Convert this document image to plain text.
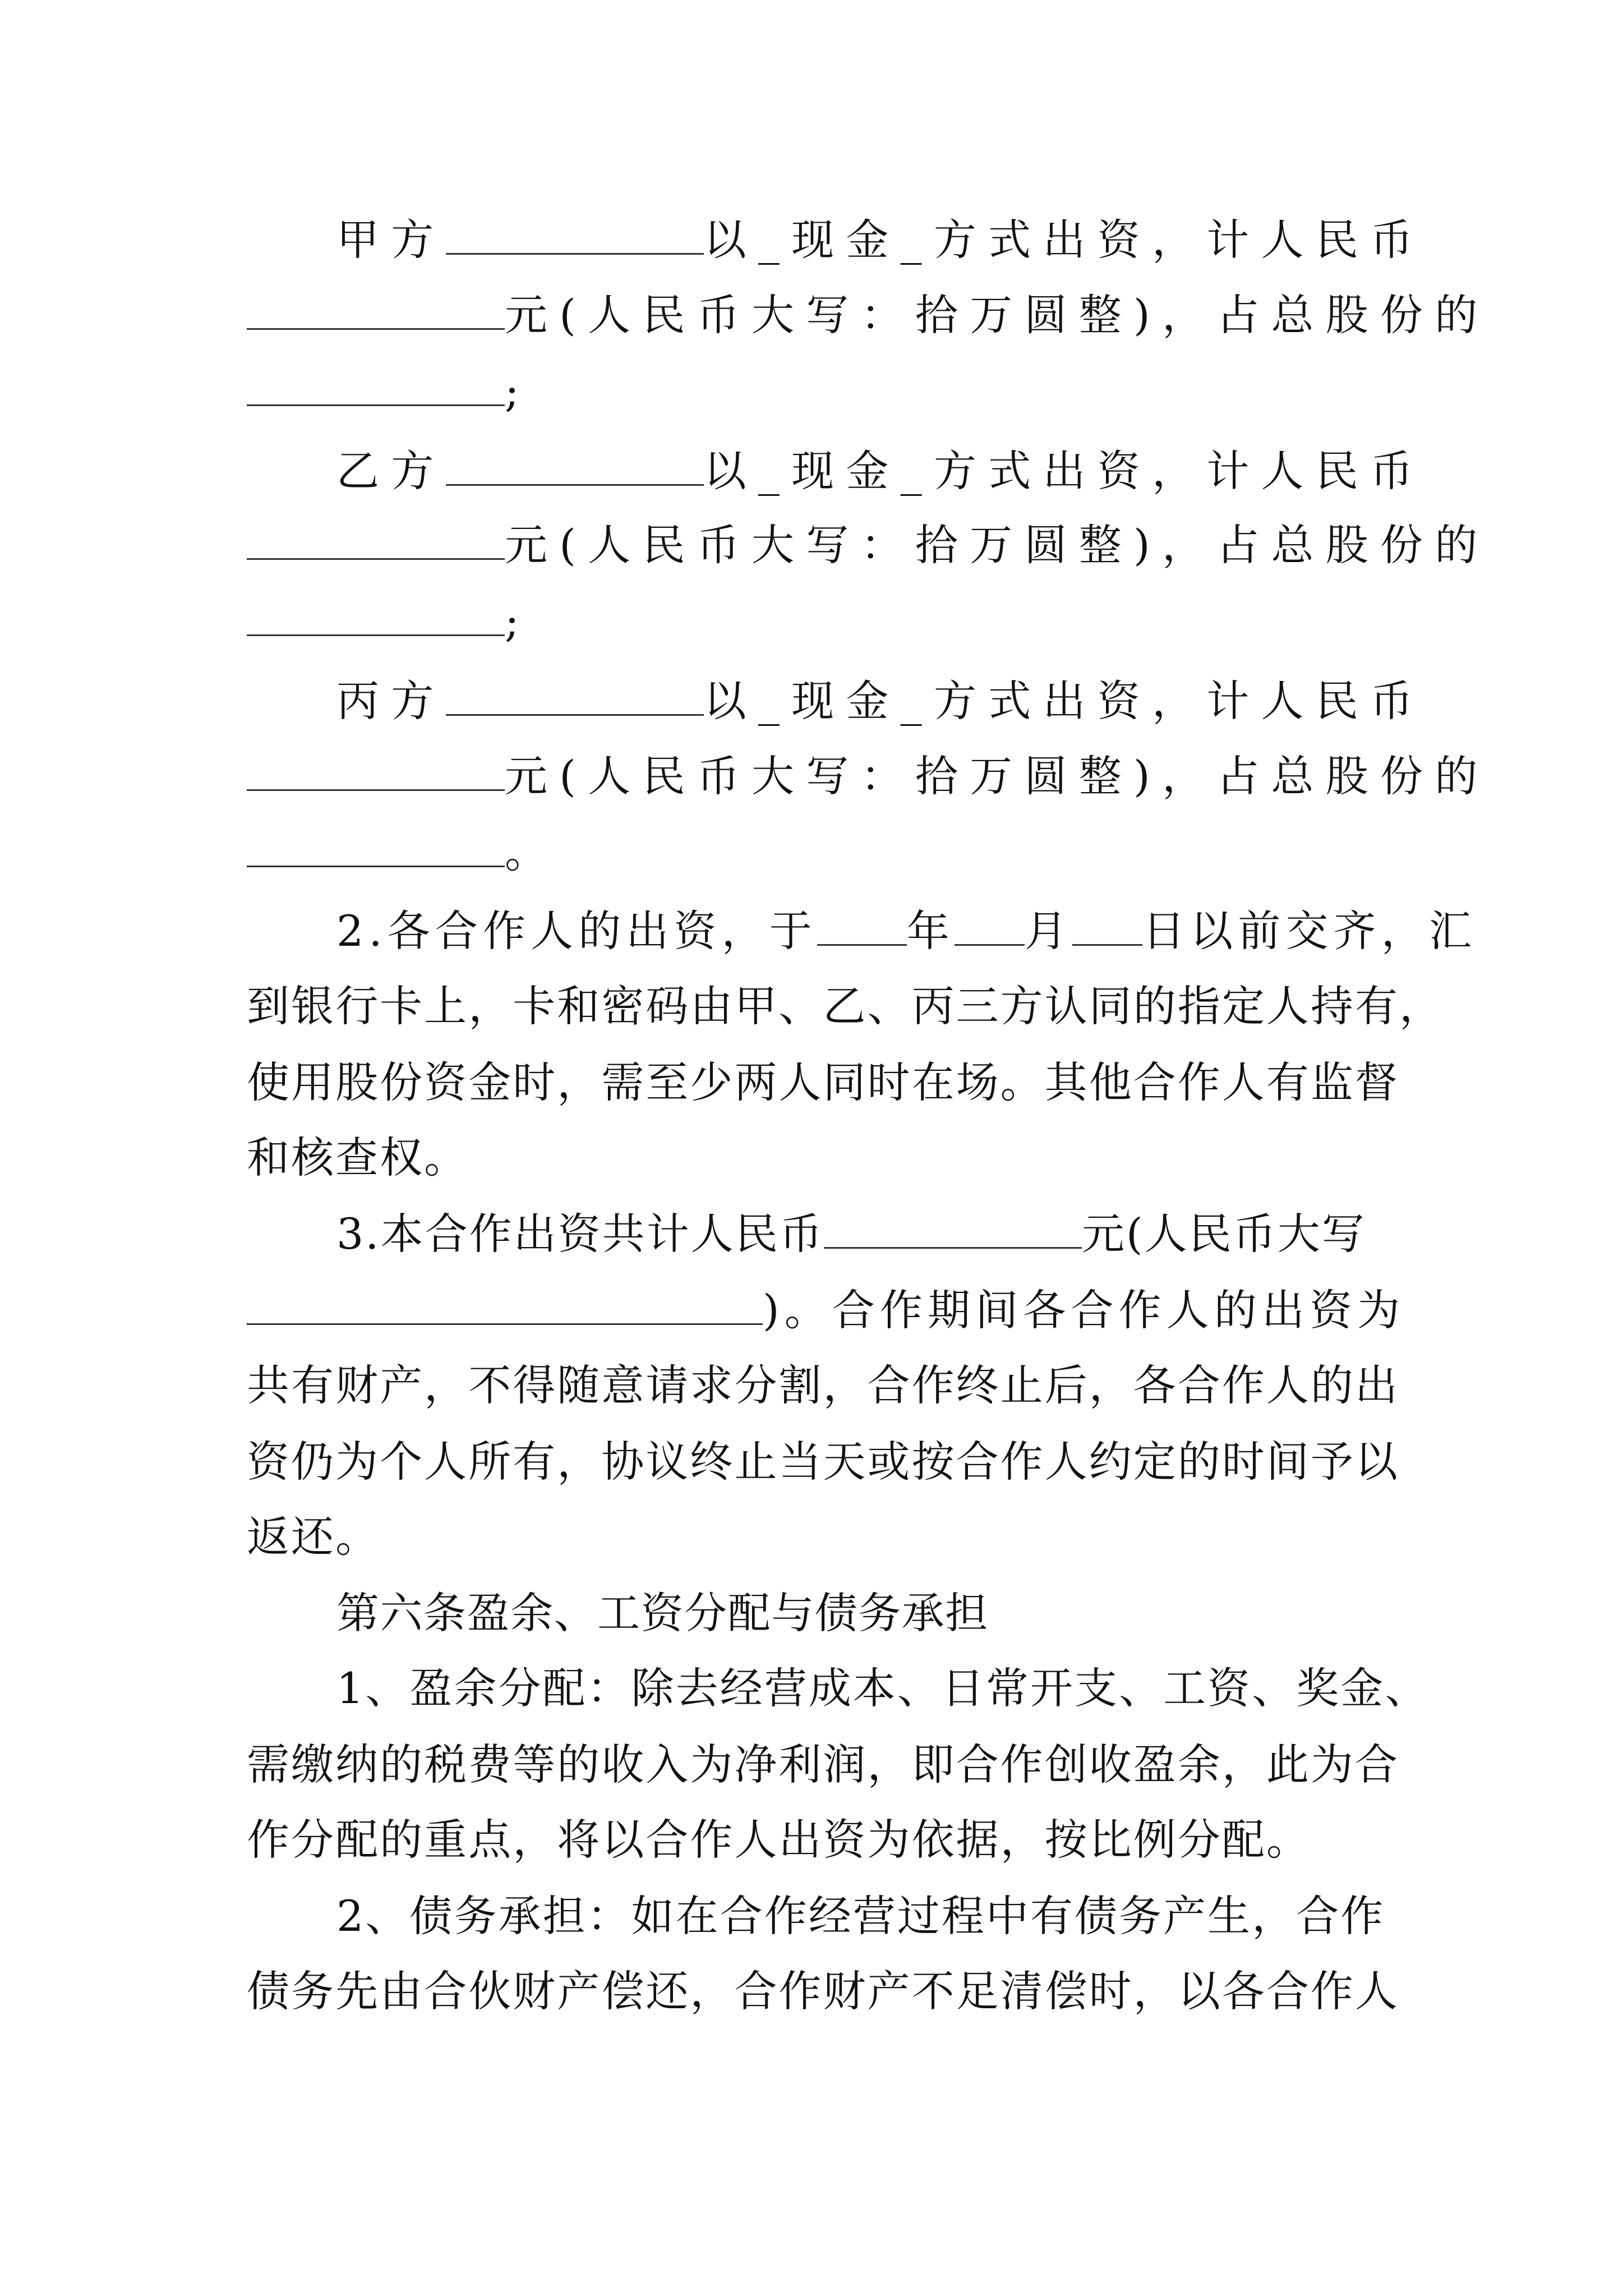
甲方	以_现金_方式出资，计人民币
元(人民币大写：拾万圆整)，占总股份的
;
乙方	以_现金_方式出资，计人民币
元(人民币大写：拾万圆整)，占总股份的
;
丙方	以_现金_方式出资，计人民币
元(人民币大写：拾万圆整)，占总股份的
。
2.各合作人的出资，于 年 月 日以前交齐，汇
到银行卡上，卡和密码由甲、乙、丙三方认同的指定人持有，
使用股份资金时，需至少两人同时在场。其他合作人有监督
和核查权。
3.本合作出资共计人民币	元(人民币大写
)。合作期间各合作人的出资为
共有财产，不得随意请求分割，合作终止后，各合作人的出
资仍为个人所有，协议终止当天或按合作人约定的时间予以
返还。
第六条盈余、工资分配与债务承担
1、盈余分配：除去经营成本、日常开支、工资、奖金、
需缴纳的税费等的收入为净利润，即合作创收盈余，此为合
作分配的重点，将以合作人出资为依据，按比例分配。
2、债务承担：如在合作经营过程中有债务产生，合作
债务先由合伙财产偿还，合作财产不足清偿时，以各合作人
